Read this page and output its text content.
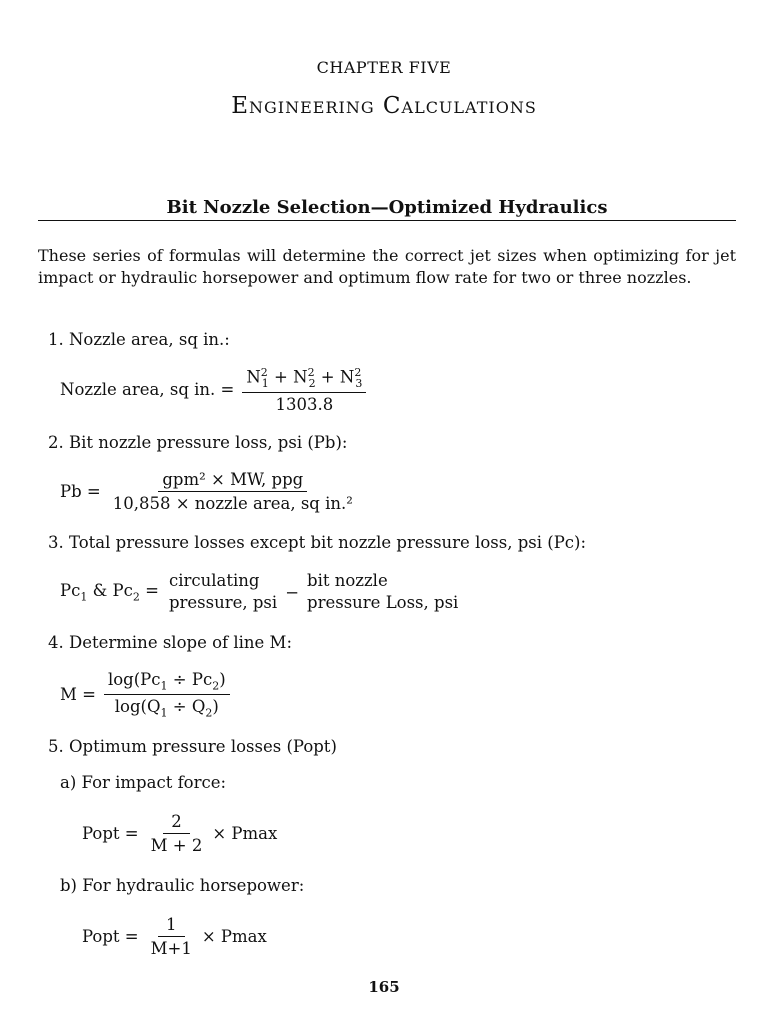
CHAPTER FIVE
Engineering Calculations
Bit Nozzle Selection—Optimized Hydraulics
These series of formulas will determine the correct jet sizes when optimizing for jet impact or hydraulic horsepower and optimum flow rate for two or three nozzles.
1. Nozzle area, sq in.:
Nozzle area, sq in. = $\frac{N^2_1 + N^2_2 + N^2_3}{1303.8}$
2. Bit nozzle pressure loss, psi (Pb):
$Pb = \frac{\text{gpm² × MW, ppg}}{\text{10,858 × nozzle area, sq in.²}}$
3. Total pressure losses except bit nozzle pressure loss, psi (Pc):
$Pc_1$ & $Pc_2$ =
circulating
pressure, psi
−
bit nozzle
pressure Loss, psi
4. Determine slope of line M:
$M = \frac{\log(Pc_1 \div Pc_2)}{\log(Q_1 \div Q_2)}$
5. Optimum pressure losses (Popt)
a) For impact force:
Popt = $\frac{2}{M + 2} \times Pmax$
b) For hydraulic horsepower:
Popt = $\frac{1}{M+1} \times Pmax$
165
